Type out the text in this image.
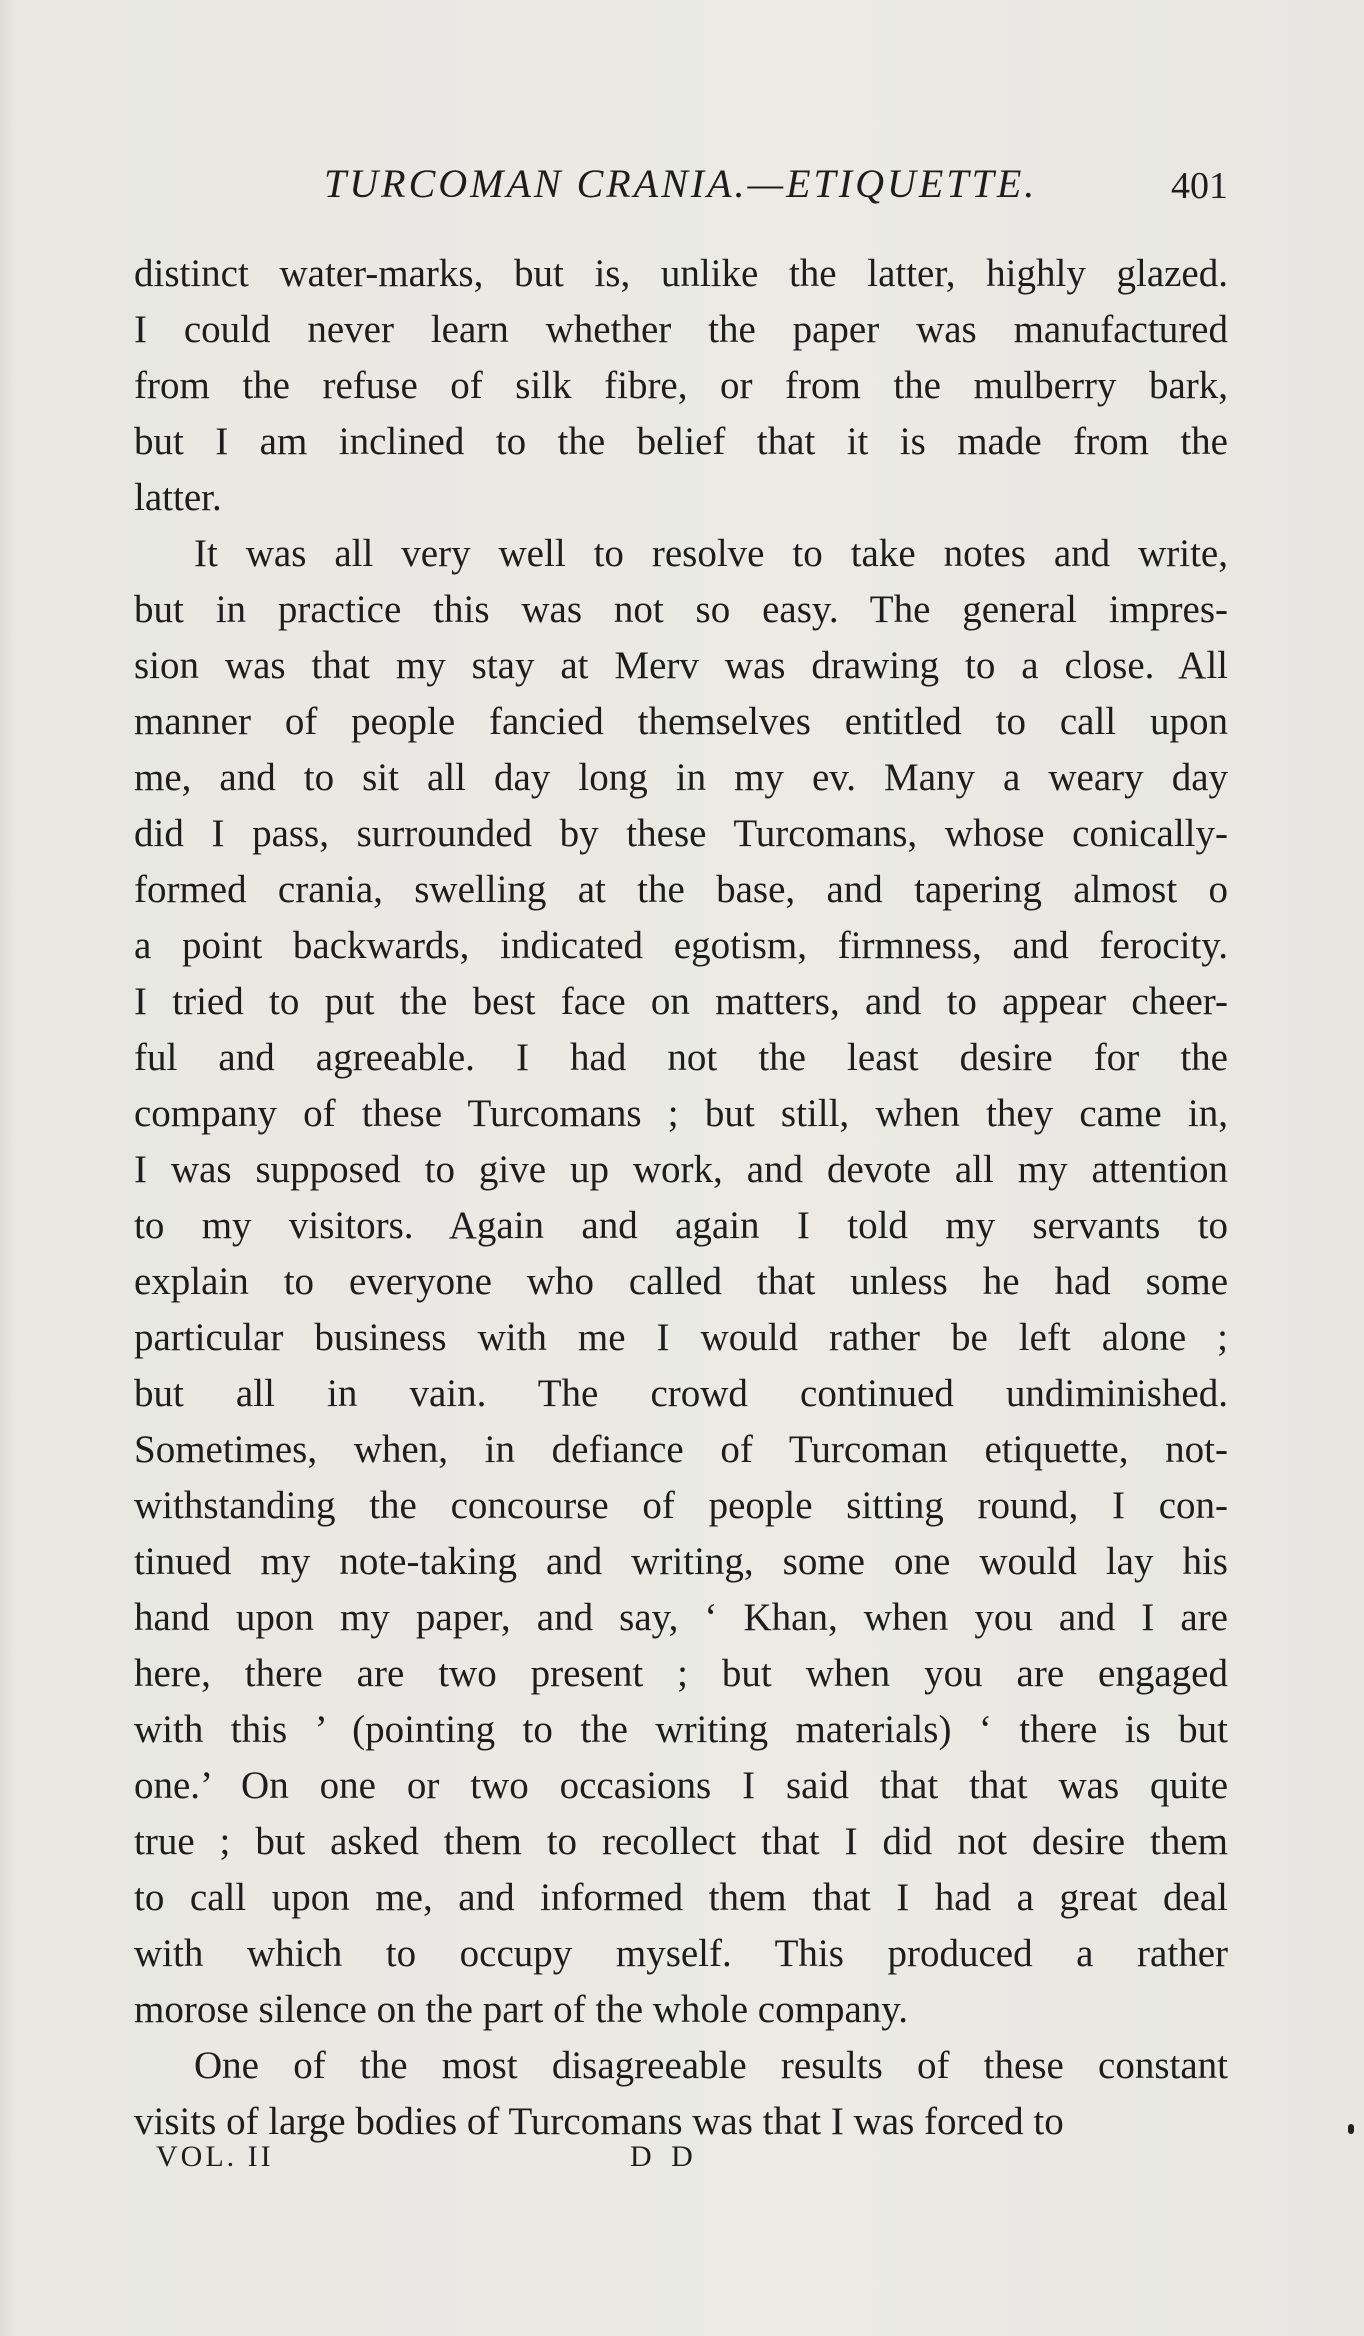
TURCOMAN CRANIA.—ETIQUETTE.	401
distinct water-marks, but is, unlike the latter, highly glazed.
I could never learn whether the paper was manufactured
from the refuse of silk fibre, or from the mulberry bark,
but I am inclined to the belief that it is made from the
latter.
It was all very well to resolve to take notes and write,
but in practice this was not so easy. The general impres-
sion was that my stay at Merv was drawing to a close. All
manner of people fancied themselves entitled to call upon
me, and to sit all day long in my ev. Many a weary day
did I pass, surrounded by these Turcomans, whose conically-
formed crania, swelling at the base, and tapering almost o
a point backwards, indicated egotism, firmness, and ferocity.
I tried to put the best face on matters, and to appear cheer-
ful and agreeable. I had not the least desire for the
company of these Turcomans ; but still, when they came in,
I was supposed to give up work, and devote all my attention
to my visitors. Again and again I told my servants to
explain to everyone who called that unless he had some
particular business with me I would rather be left alone ;
but all in vain. The crowd continued undiminished.
Sometimes, when, in defiance of Turcoman etiquette, not-
withstanding the concourse of people sitting round, I con-
tinued my note-taking and writing, some one would lay his
hand upon my paper, and say, ‘ Khan, when you and I are
here, there are two present ; but when you are engaged
with this ’ (pointing to the writing materials) ‘ there is but
one.’ On one or two occasions I said that that was quite
true ; but asked them to recollect that I did not desire them
to call upon me, and informed them that I had a great deal
with which to occupy myself. This produced a rather
morose silence on the part of the whole company.
One of the most disagreeable results of these constant
visits of large bodies of Turcomans was that I was forced to
VOL. II	D D
